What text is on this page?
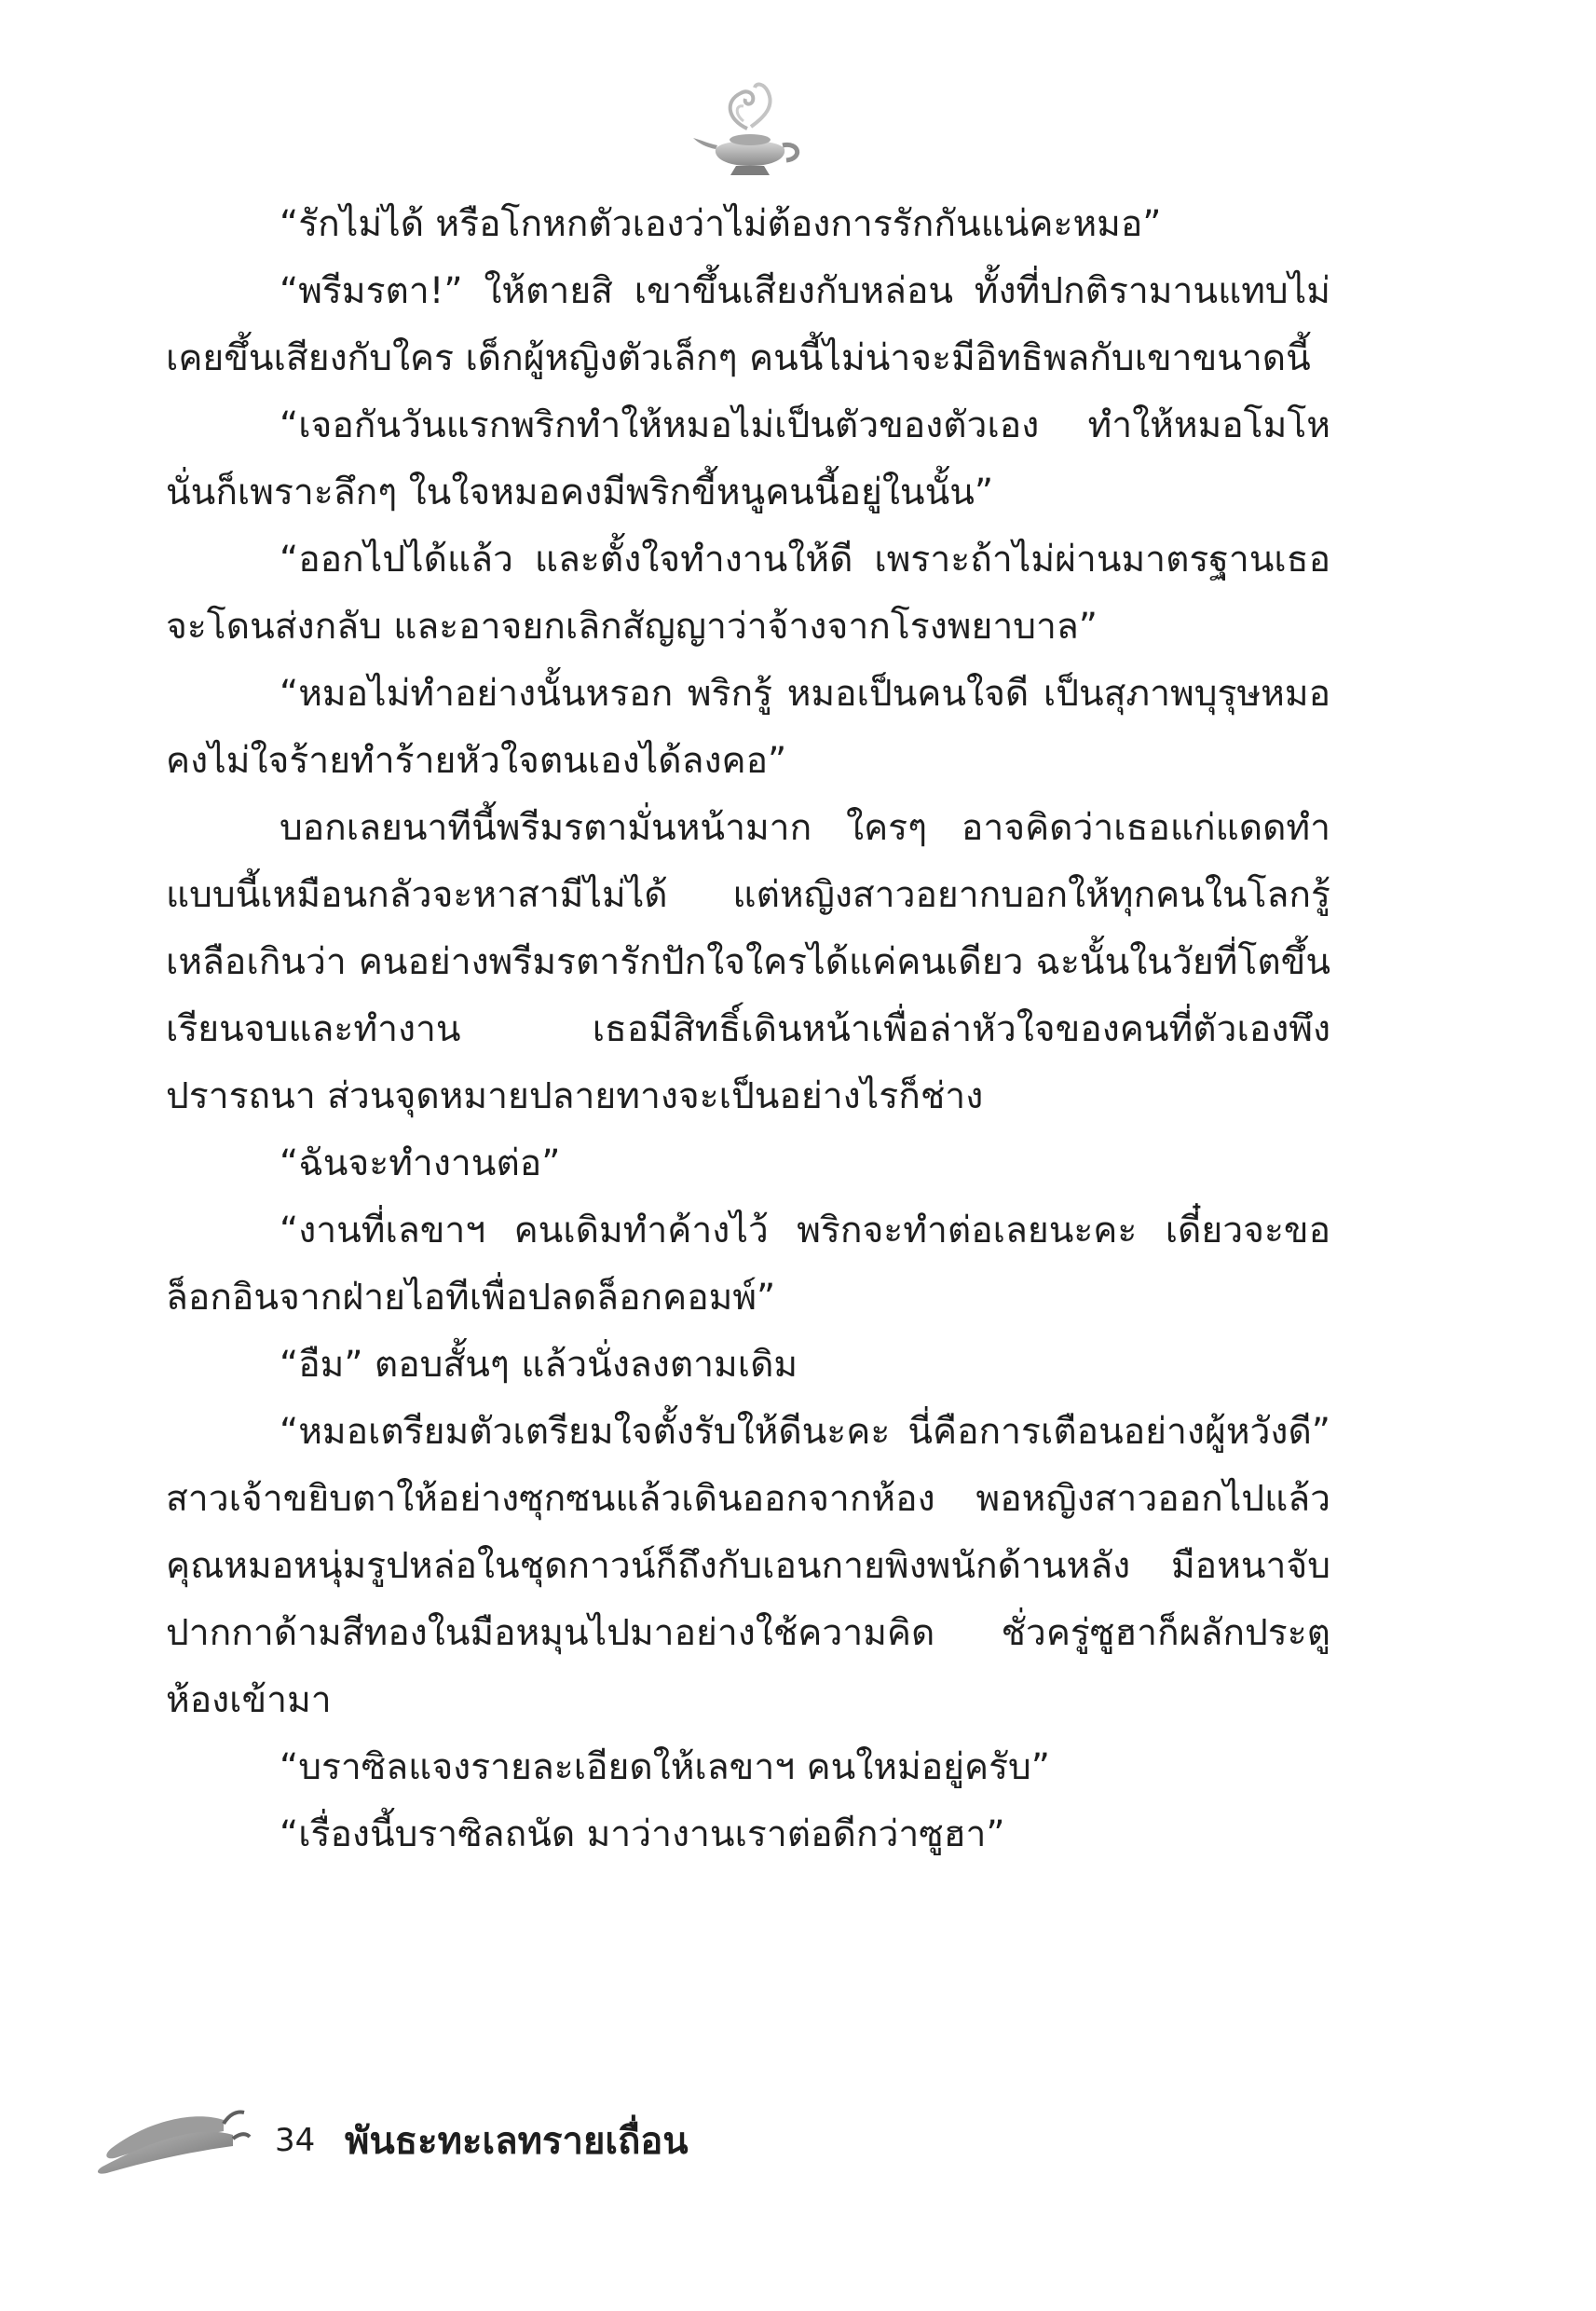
“รักไม่ได้ หรือโกหกตัวเองว่าไม่ต้องการรักกันแน่คะหมอ”

“พรีมรตา!” ให้ตายสิ เขาขึ้นเสียงกับหล่อน ทั้งที่ปกติรามานแทบไม่เคยขึ้นเสียงกับใคร เด็กผู้หญิงตัวเล็กๆ คนนี้ไม่น่าจะมีอิทธิพลกับเขาขนาดนี้

“เจอกันวันแรกพริกทำให้หมอไม่เป็นตัวของตัวเอง ทำให้หมอโมโหนั่นก็เพราะลึกๆ ในใจหมอคงมีพริกขี้หนูคนนี้อยู่ในนั้น”

“ออกไปได้แล้ว และตั้งใจทำงานให้ดี เพราะถ้าไม่ผ่านมาตรฐานเธอจะโดนส่งกลับ และอาจยกเลิกสัญญาว่าจ้างจากโรงพยาบาล”

“หมอไม่ทำอย่างนั้นหรอก พริกรู้ หมอเป็นคนใจดี เป็นสุภาพบุรุษหมอคงไม่ใจร้ายทำร้ายหัวใจตนเองได้ลงคอ”

บอกเลยนาทีนี้พรีมรตามั่นหน้ามาก ใครๆ อาจคิดว่าเธอแก่แดดทำแบบนี้เหมือนกลัวจะหาสามีไม่ได้ แต่หญิงสาวอยากบอกให้ทุกคนในโลกรู้เหลือเกินว่า คนอย่างพรีมรตารักปักใจใครได้แค่คนเดียว ฉะนั้นในวัยที่โตขึ้นเรียนจบและทำงาน เธอมีสิทธิ์เดินหน้าเพื่อล่าหัวใจของคนที่ตัวเองพึงปรารถนา ส่วนจุดหมายปลายทางจะเป็นอย่างไรก็ช่าง

“ฉันจะทำงานต่อ”

“งานที่เลขาฯ คนเดิมทำค้างไว้ พริกจะทำต่อเลยนะคะ เดี๋ยวจะขอล็อกอินจากฝ่ายไอทีเพื่อปลดล็อกคอมพ์”

“อืม” ตอบสั้นๆ แล้วนั่งลงตามเดิม

“หมอเตรียมตัวเตรียมใจตั้งรับให้ดีนะคะ นี่คือการเตือนอย่างผู้หวังดี” สาวเจ้าขยิบตาให้อย่างซุกซนแล้วเดินออกจากห้อง พอหญิงสาวออกไปแล้ว คุณหมอหนุ่มรูปหล่อในชุดกาวน์ก็ถึงกับเอนกายพิงพนักด้านหลัง มือหนาจับปากกาด้ามสีทองในมือหมุนไปมาอย่างใช้ความคิด ชั่วครู่ซูฮาก็ผลักประตูห้องเข้ามา

“บราซิลแจงรายละเอียดให้เลขาฯ คนใหม่อยู่ครับ”

“เรื่องนี้บราซิลถนัด มาว่างานเราต่อดีกว่าซูฮา”

34 พันธะทะเลทรายเถื่อน
